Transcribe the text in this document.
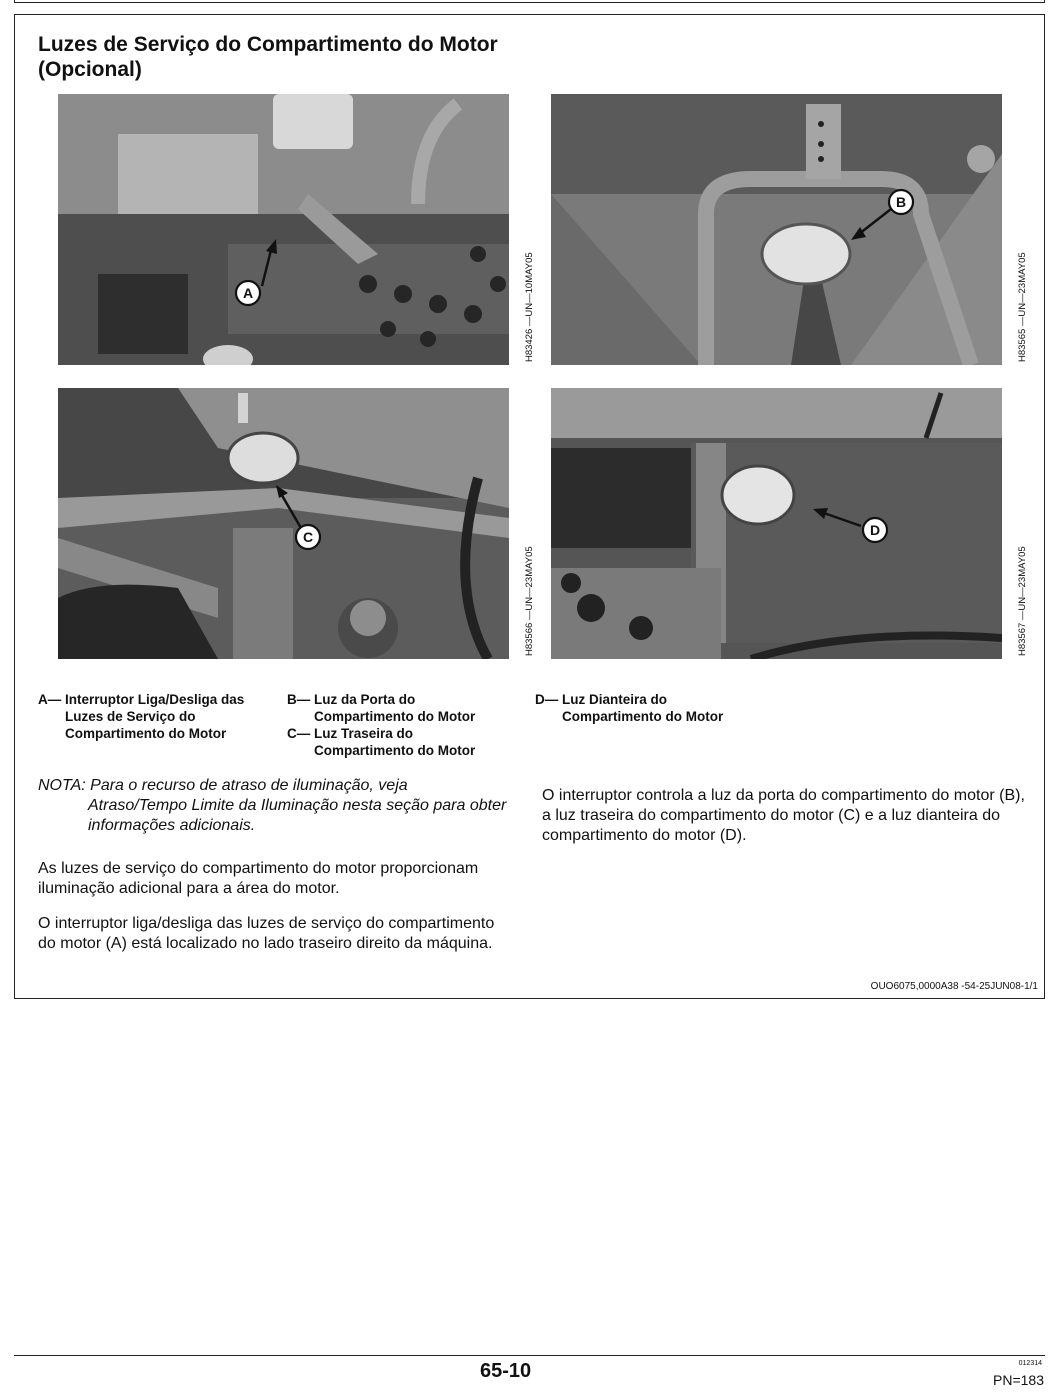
Luzes de Serviço do Compartimento do Motor (Opcional)
A	H83426 —UN—10MAY05
B
H83565 —UN—23MAY05
C
H83566 —UN—23MAY05
D
H83567 —UN—23MAY05
A— Interruptor Liga/Desliga das Luzes de Serviço do Compartimento do Motor
B— Luz da Porta do Compartimento do Motor
C— Luz Traseira do Compartimento do Motor
D— Luz Dianteira do Compartimento do Motor
NOTA: Para o recurso de atraso de iluminação, veja
Atraso/Tempo Limite da Iluminação nesta seção para obter informações adicionais.

As luzes de serviço do compartimento do motor proporcionam iluminação adicional para a área do motor.

O interruptor liga/desliga das luzes de serviço do compartimento do motor (A) está localizado no lado traseiro direito da máquina.

O interruptor controla a luz da porta do compartimento do motor (B), a luz traseira do compartimento do motor (C) e a luz dianteira do compartimento do motor (D).

OUO6075,0000A38 -54-25JUN08-1/1
65-10	012314
PN=183
